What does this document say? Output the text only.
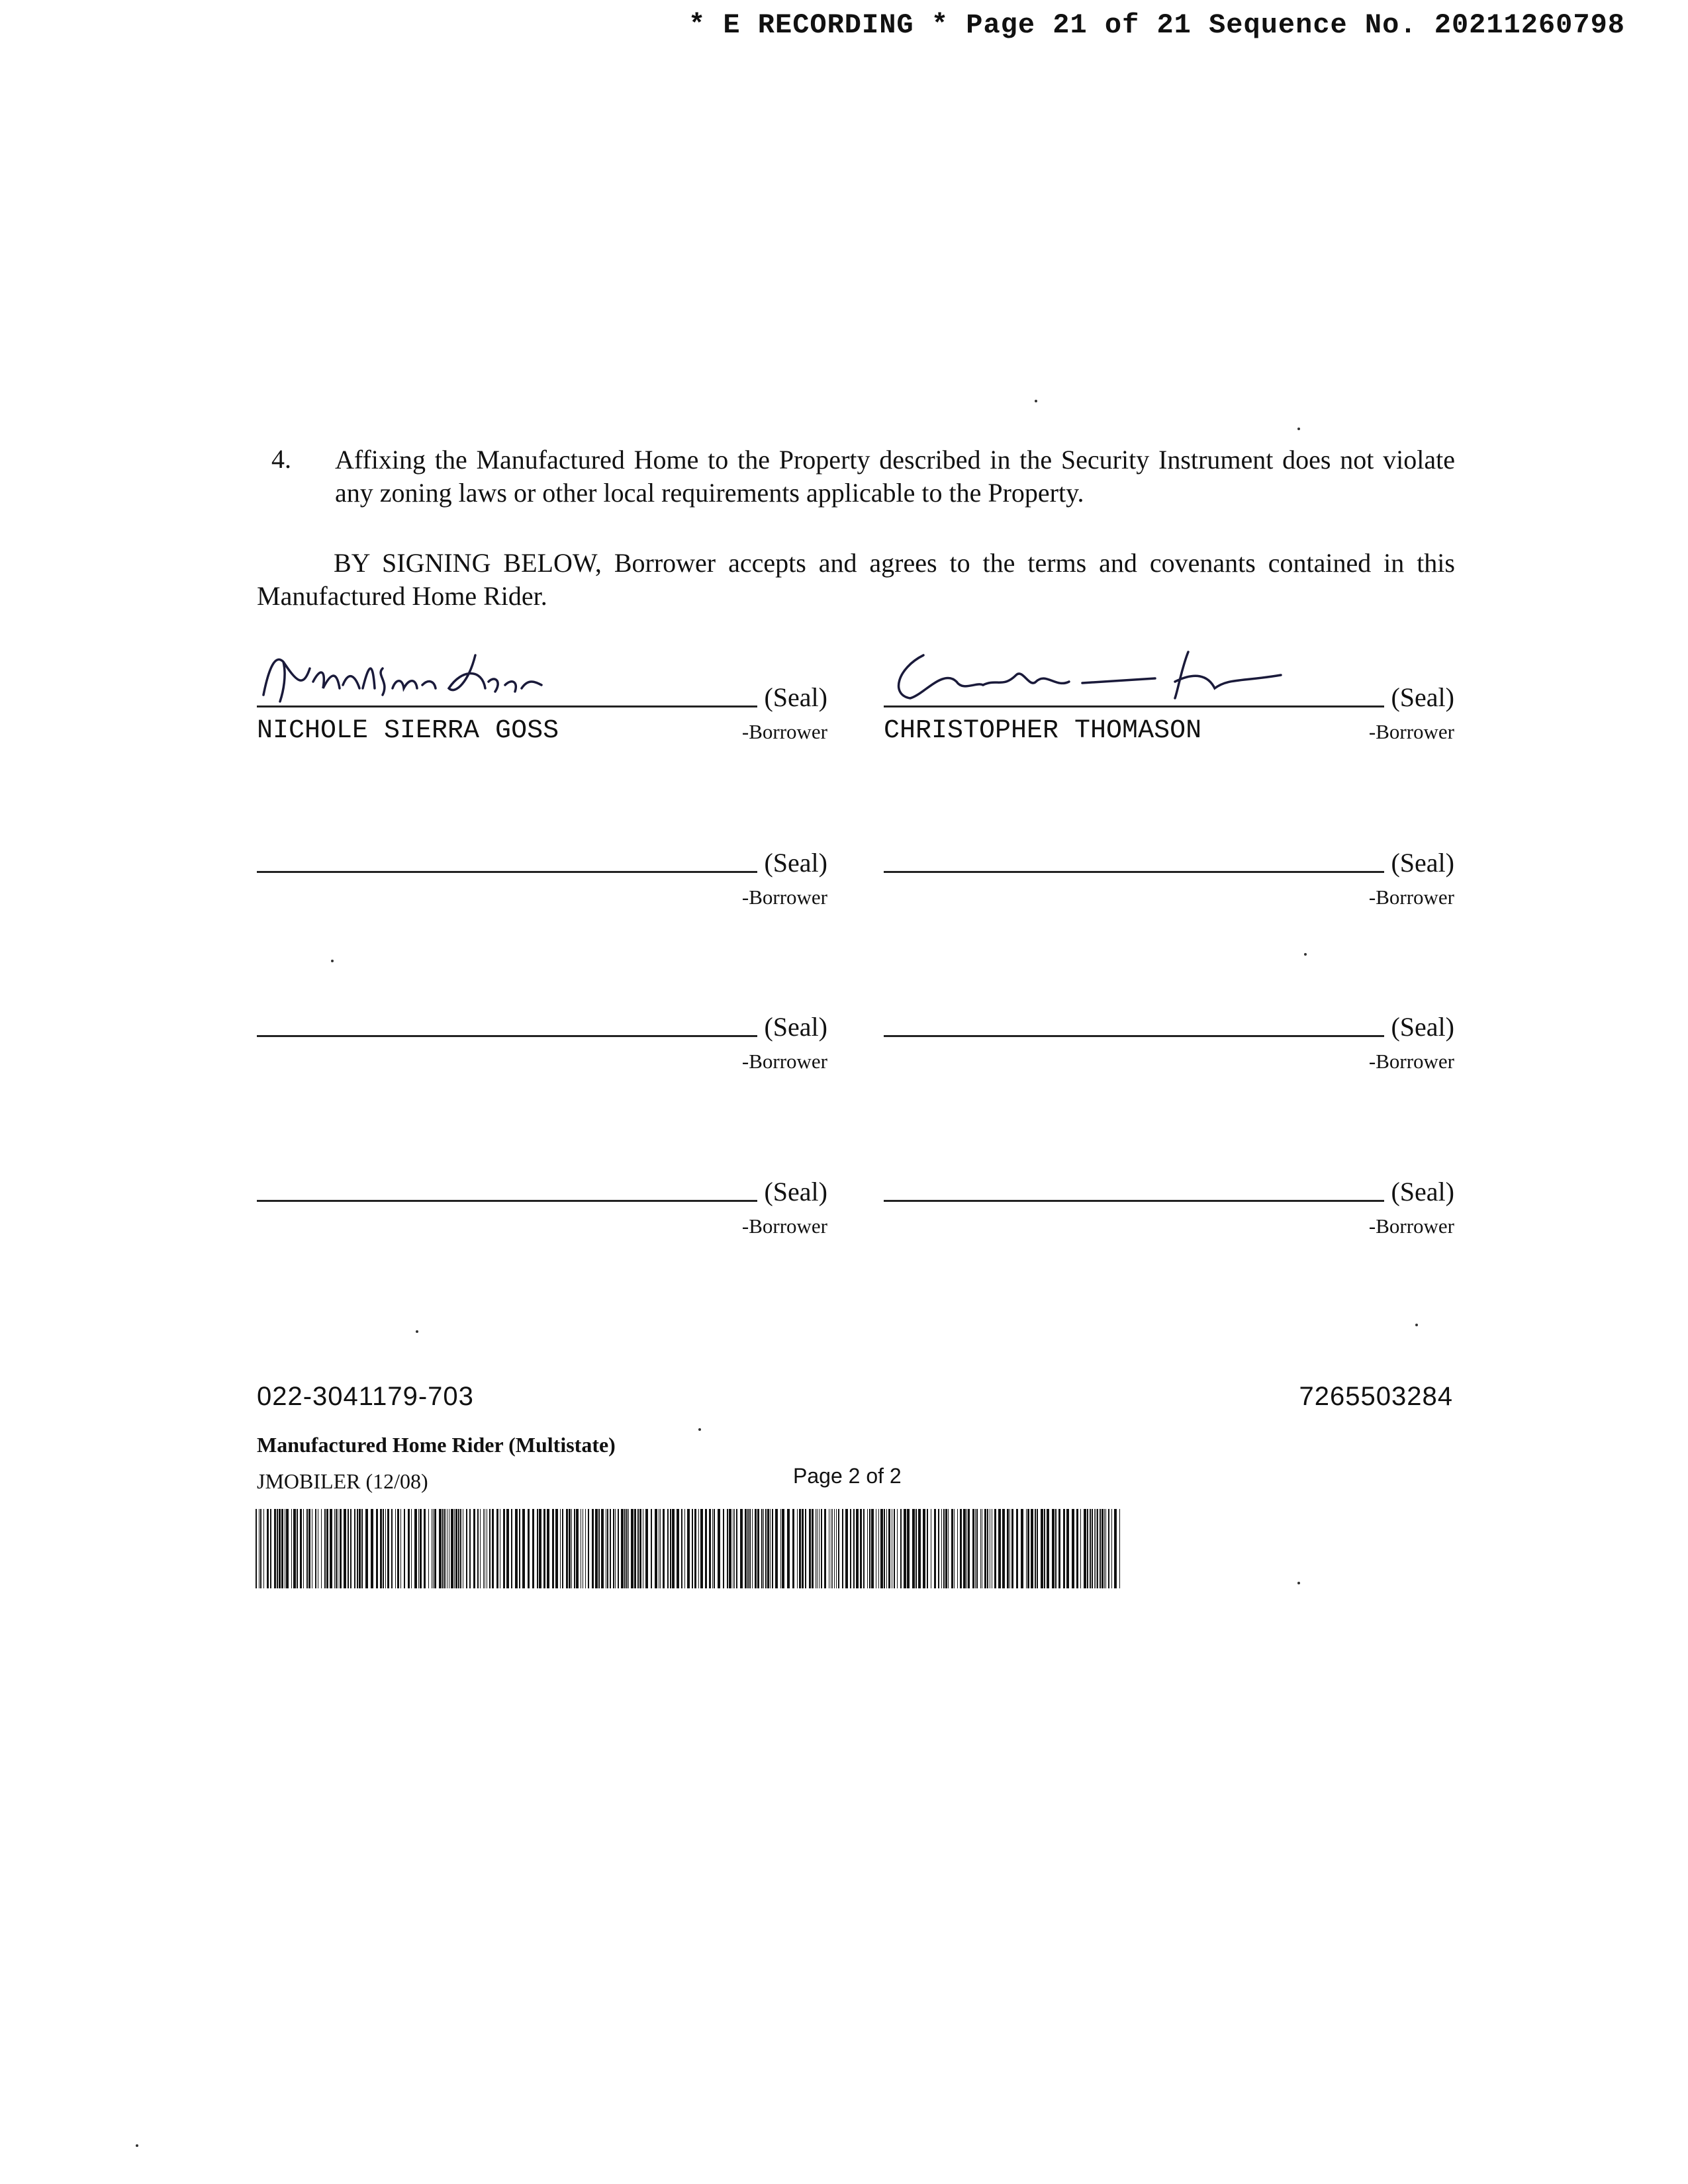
* E RECORDING * Page 21 of 21 Sequence No. 20211260798
4. Affixing the Manufactured Home to the Property described in the Security Instrument does not violate any zoning laws or other local requirements applicable to the Property.
BY SIGNING BELOW, Borrower accepts and agrees to the terms and covenants contained in this Manufactured Home Rider.
(Seal)
-Borrower
NICHOLE SIERRA GOSS
(Seal)
-Borrower
CHRISTOPHER THOMASON
(Seal)
-Borrower
(Seal)
-Borrower
(Seal)
-Borrower
(Seal)
-Borrower
(Seal)
-Borrower
(Seal)
-Borrower
022-3041179-703	7265503284
Manufactured Home Rider (Multistate)
JMOBILER (12/08)	Page 2 of 2
